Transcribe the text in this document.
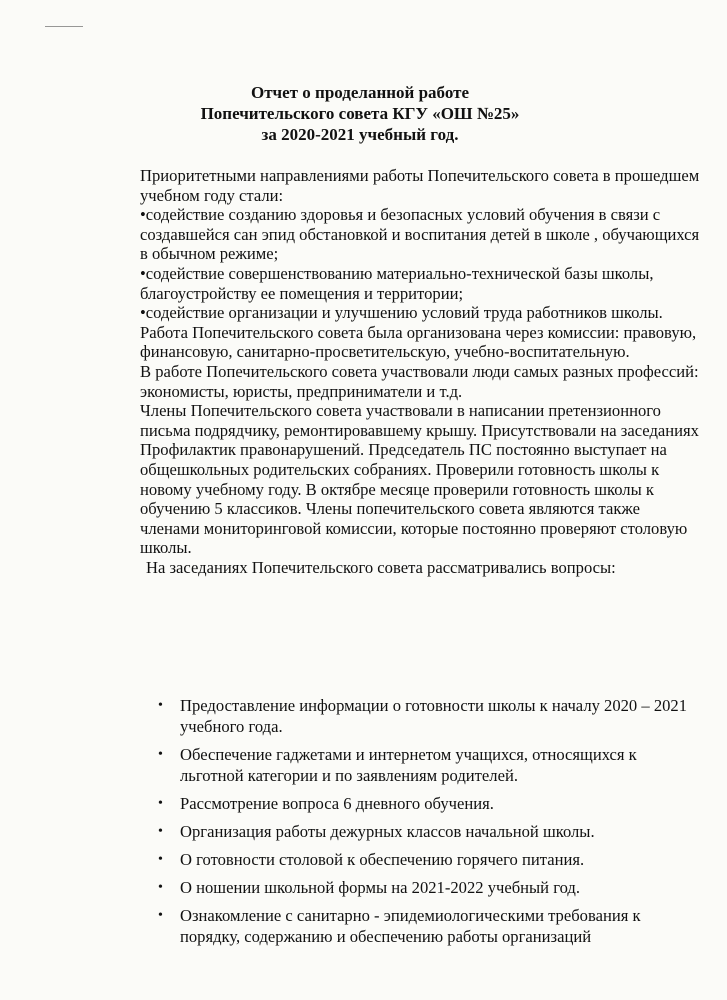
Отчет о проделанной работе
Попечительского совета КГУ «ОШ №25»
за 2020-2021 учебный год.

Приоритетными направлениями работы Попечительского совета в прошедшем учебном году стали:

•содействие созданию здоровья и безопасных условий обучения в связи с создавшейся сан эпид обстановкой и воспитания детей в школе , обучающихся в обычном режиме;

•содействие совершенствованию материально-технической базы школы, благоустройству ее помещения и территории;

•содействие организации и улучшению условий труда работников школы.

Работа Попечительского совета была организована через комиссии: правовую, финансовую, санитарно-просветительскую, учебно-воспитательную.

В работе Попечительского совета участвовали люди самых разных профессий: экономисты, юристы, предприниматели и т.д.

Члены Попечительского совета участвовали в написании претензионного письма подрядчику, ремонтировавшему крышу. Присутствовали на заседаниях Профилактик правонарушений. Председатель ПС постоянно выступает на общешкольных родительских собраниях. Проверили готовность школы к новому учебному году. В октябре месяце проверили готовность школы к обучению 5 классиков. Члены попечительского совета являются также членами мониторинговой комиссии, которые постоянно проверяют столовую школы.

На заседаниях Попечительского совета рассматривались вопросы:

• Предоставление информации о готовности школы к началу 2020 – 2021 учебного года.
• Обеспечение гаджетами и интернетом учащихся, относящихся к льготной категории и по заявлениям родителей.
• Рассмотрение вопроса 6 дневного обучения.
• Организация работы дежурных классов начальной школы.
• О готовности столовой к обеспечению горячего питания.
• О ношении школьной формы на 2021-2022 учебный год.
• Ознакомление с санитарно - эпидемиологическими требования к порядку, содержанию и обеспечению работы организаций
